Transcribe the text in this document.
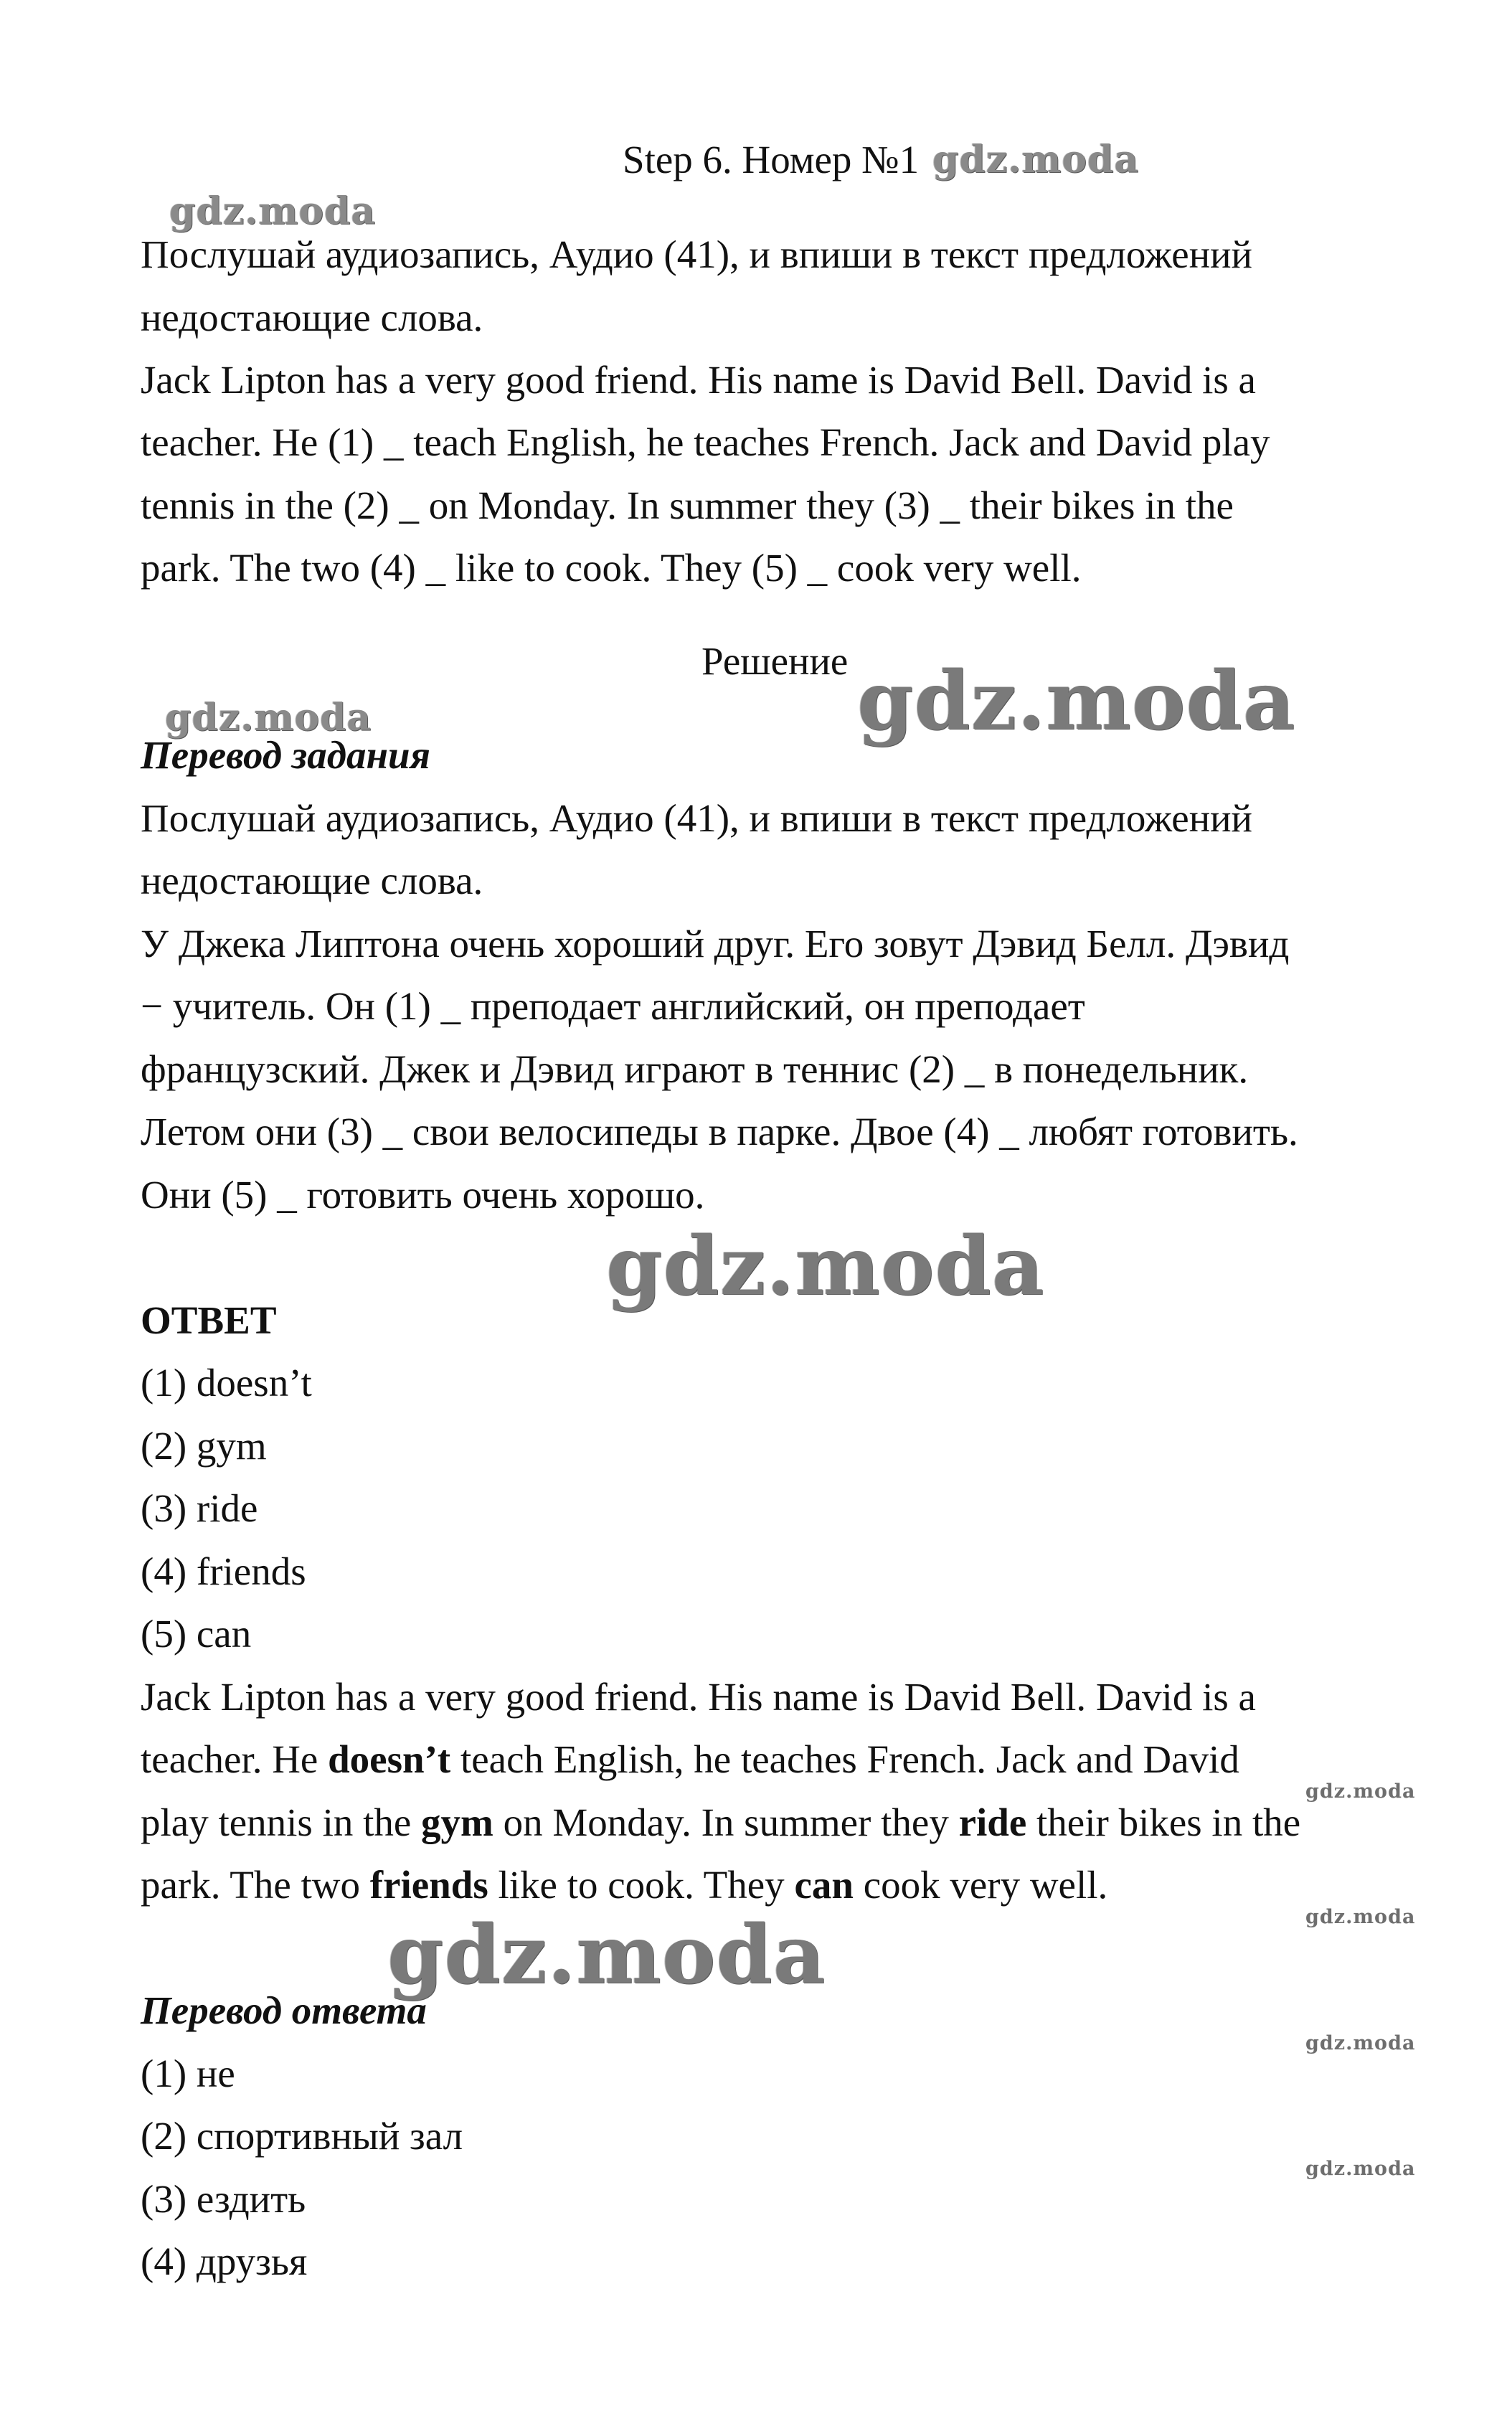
Step 6. Номер №1
Послушай аудиозапись, Аудио (41), и впиши в текст предложений
недостающие слова.
Jack Lipton has a very good friend. His name is David Bell. David is a
teacher. He (1) _ teach English, he teaches French. Jack and David play
tennis in the (2) _ on Monday. In summer they (3) _ their bikes in the
park. The two (4) _ like to cook. They (5) _ cook very well.
Решение
Перевод задания
Послушай аудиозапись, Аудио (41), и впиши в текст предложений
недостающие слова.
У Джека Липтона очень хороший друг. Его зовут Дэвид Белл. Дэвид
− учитель. Он (1) _ преподает английский, он преподает
французский. Джек и Дэвид играют в теннис (2) _ в понедельник.
Летом они (3) _ свои велосипеды в парке. Двое (4) _ любят готовить.
Они (5) _ готовить очень хорошо.
ОТВЕТ
(1) doesn’t
(2) gym
(3) ride
(4) friends
(5) can
Jack Lipton has a very good friend. His name is David Bell. David is a
teacher. He doesn’t teach English, he teaches French. Jack and David
play tennis in the gym on Monday. In summer they ride their bikes in the
park. The two friends like to cook. They can cook very well.
Перевод ответа
(1) не
(2) спортивный зал
(3) ездить
(4) друзья
gdz.moda
gdz.moda
gdz.moda	gdz.moda
gdz.moda
gdz.moda
gdz.moda
gdz.moda
gdz.moda
gdz.moda
